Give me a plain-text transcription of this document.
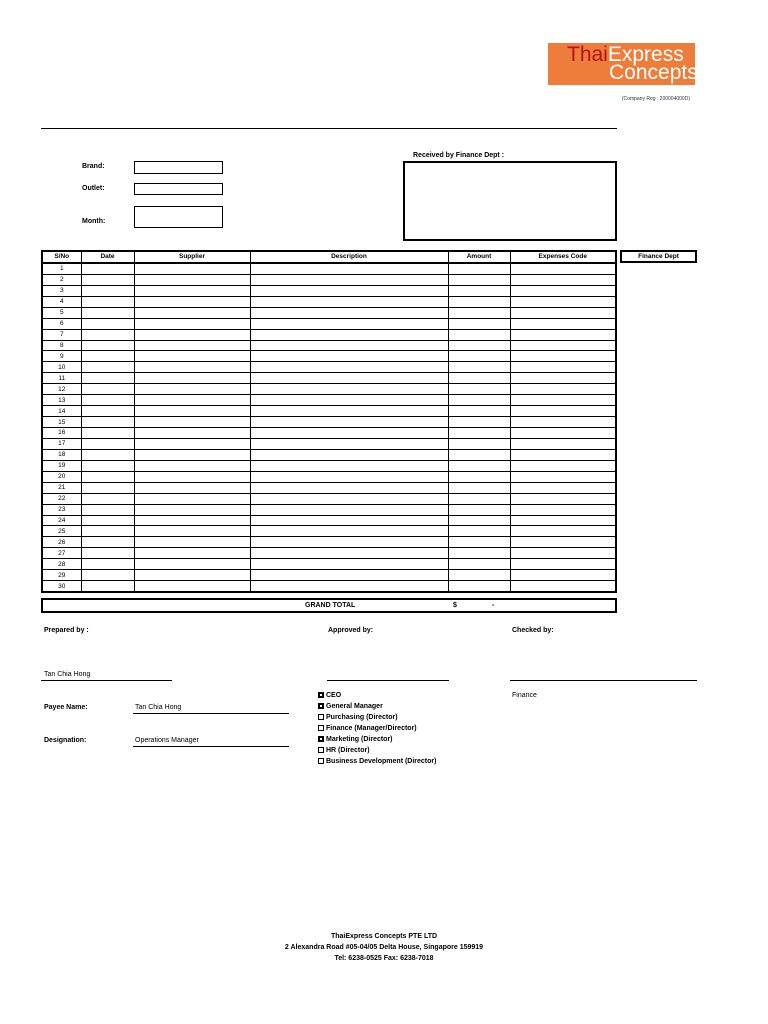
ThaiExpress
Concepts
(Company Reg : 200004000D)
Brand:
Outlet:
Month:
Received by Finance Dept :
S/No	Date	Supplier	Description	Amount	Expenses Code
1					
2					
3					
4					
5					
6					
7					
8					
9					
10					
11					
12					
13					
14					
15					
16					
17					
18					
19					
20					
21					
22					
23					
24					
25					
26					
27					
28					
29					
30					
Finance Dept
GRAND TOTAL	$	-
Prepared by :	Approved by:	Checked by:
Tan Chia Hong
Finance
Payee Name:	Tan Chia Hong
Designation:	Operations Manager
CEO
General Manager
Purchasing (Director)
Finance (Manager/Director)
Marketing (Director)
HR (Director)
Business Development (Director)
ThaiExpress Concepts PTE LTD
2 Alexandra Road #05-04/05 Delta House, Singapore 159919
Tel: 6238-0525 Fax: 6238-7018
